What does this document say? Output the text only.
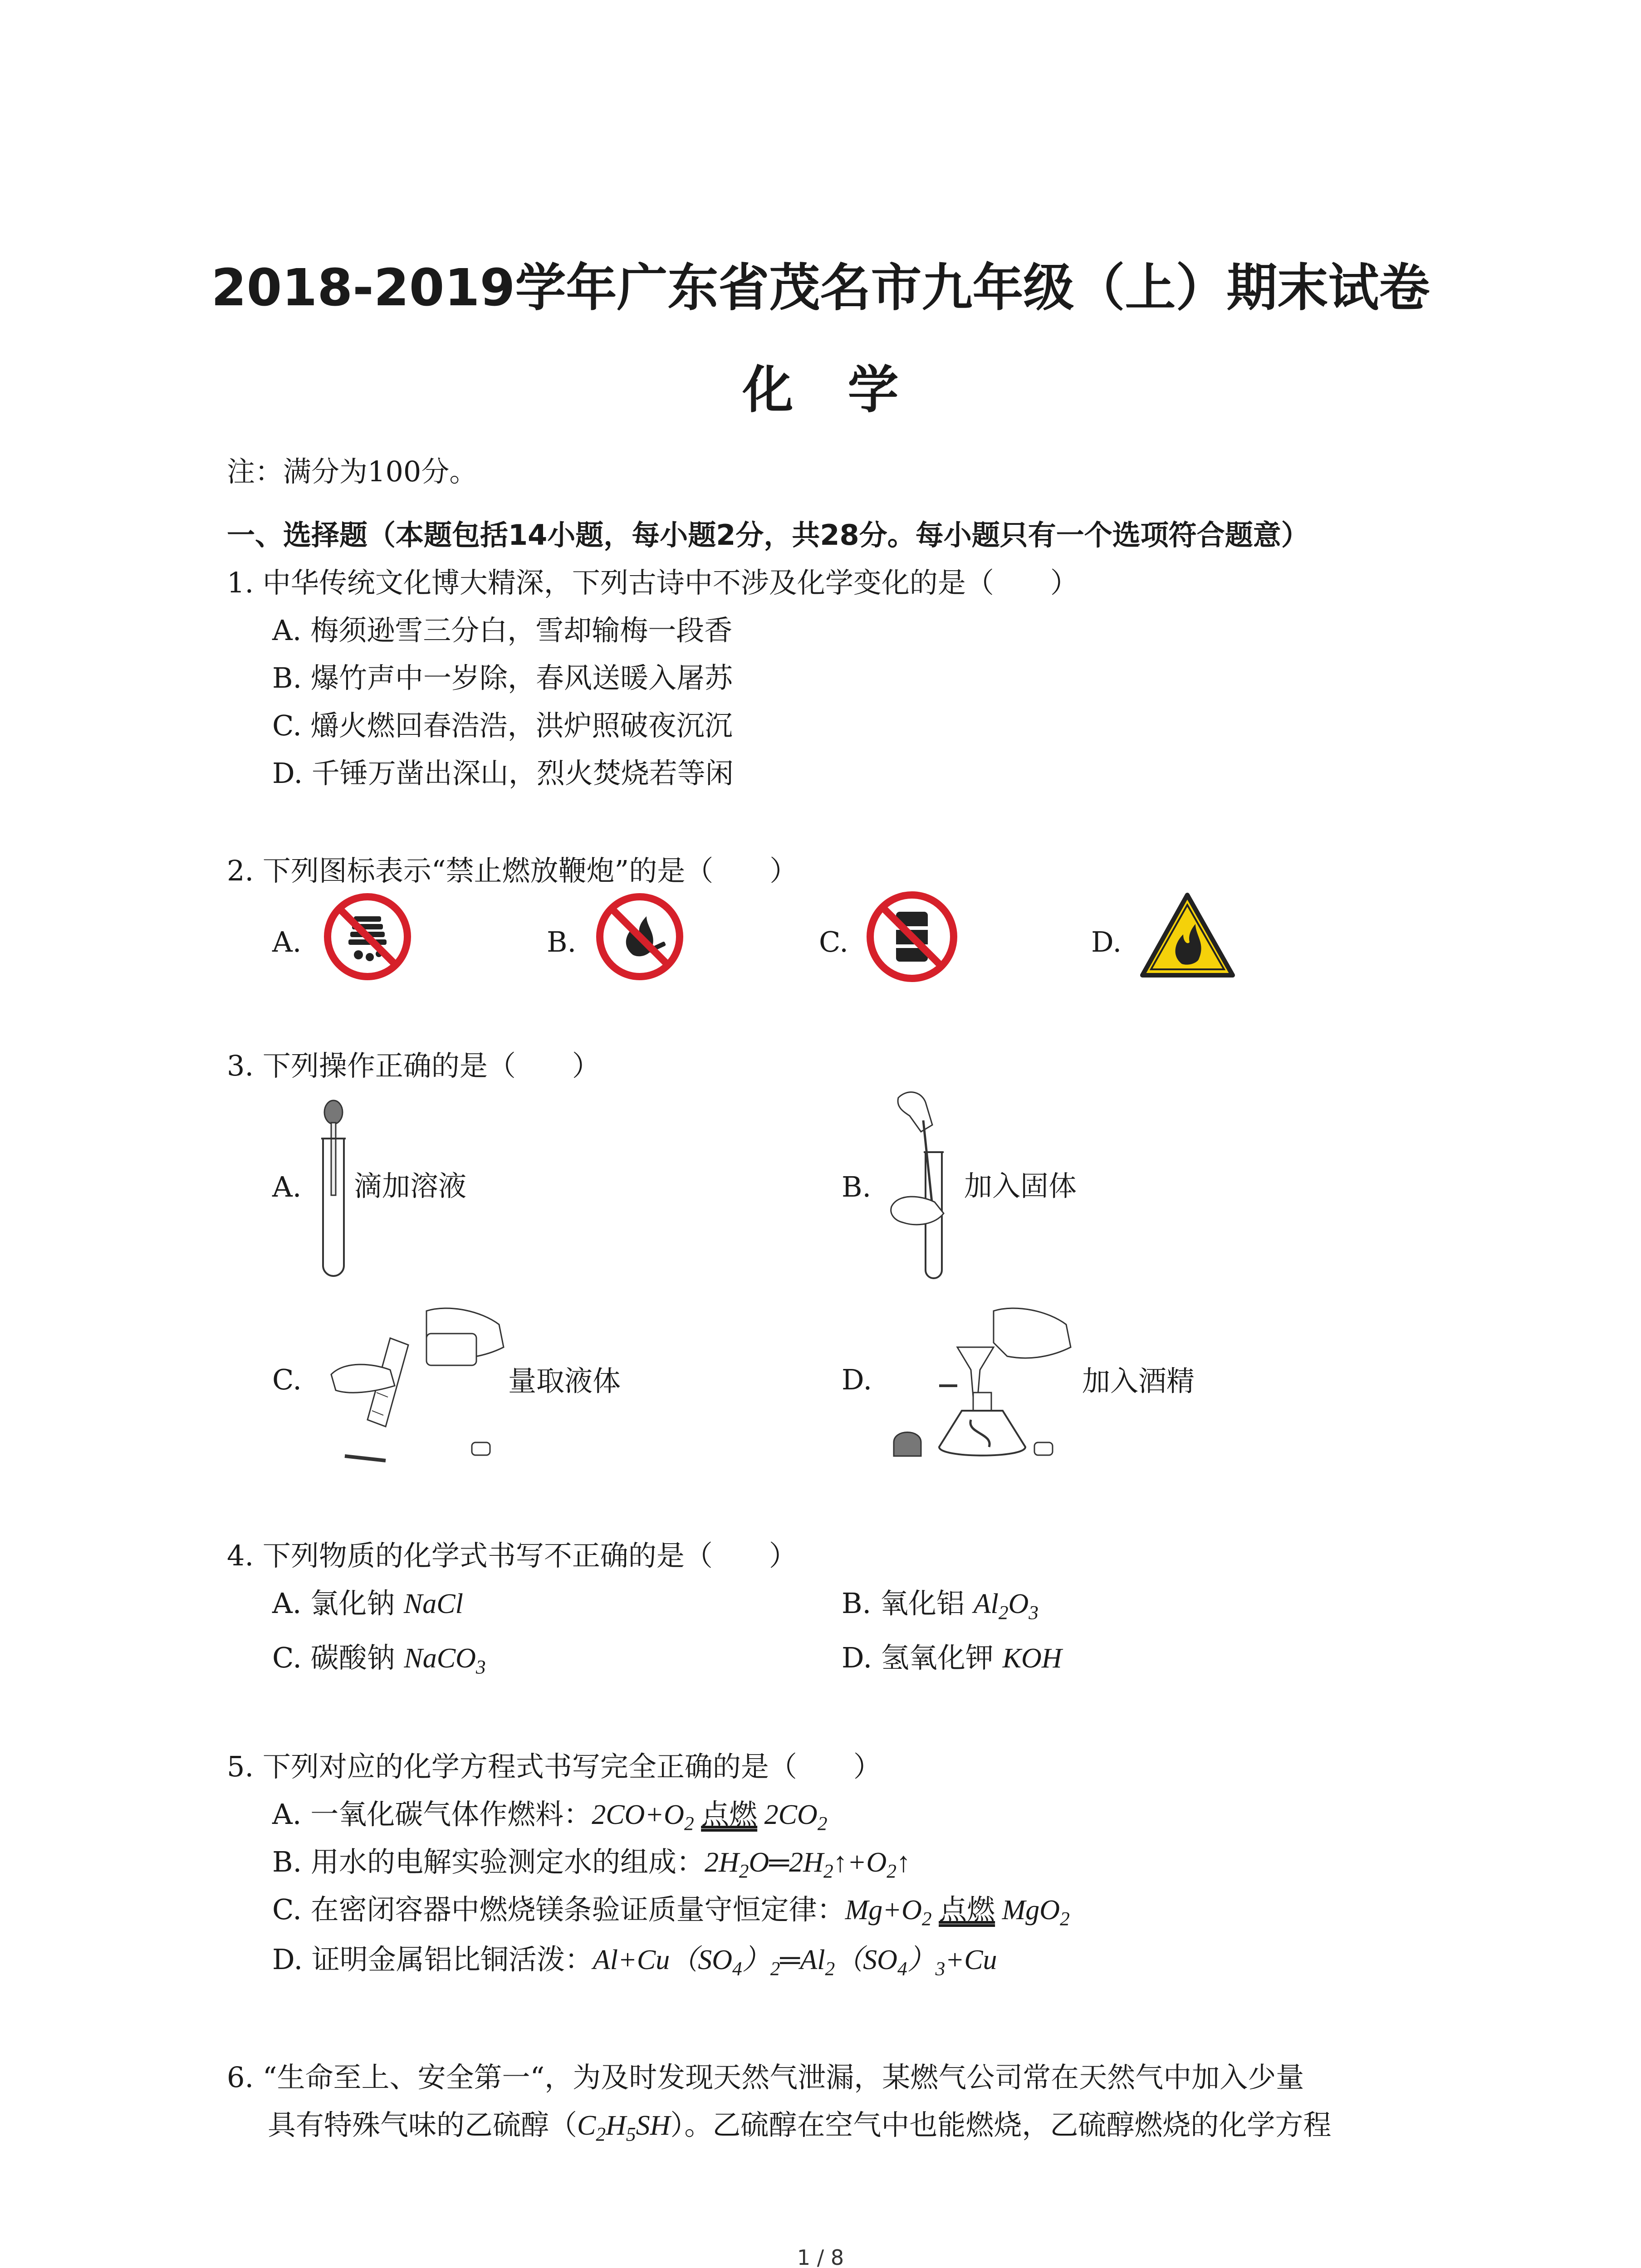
2018-2019学年广东省茂名市九年级（上）期末试卷
化学
注：满分为100分。
一、选择题（本题包括14小题，每小题2分，共28分。每小题只有一个选项符合题意）
1. 中华传统文化博大精深，下列古诗中不涉及化学变化的是（　　）
A. 梅须逊雪三分白，雪却输梅一段香
B. 爆竹声中一岁除，春风送暖入屠苏
C. 爝火燃回春浩浩，洪炉照破夜沉沉
D. 千锤万凿出深山，烈火焚烧若等闲
2. 下列图标表示“禁止燃放鞭炮”的是（　　）
A.	B.	C.	D.
3. 下列操作正确的是（　　）
A. 滴加溶液	B.	加入固体
C.	量取液体	D.	加入酒精
4. 下列物质的化学式书写不正确的是（　　）
A. 氯化钠 NaCl	B. 氧化铝 $Al_2O_3$
C. 碳酸钠 NaCO$_3$	D. 氢氧化钾 KOH
5. 下列对应的化学方程式书写完全正确的是（　　）
A. 一氧化碳气体作燃料：$2CO+O_2$ 点燃 $2CO_2$
B. 用水的电解实验测定水的组成：$2H_2O═2H_2↑+O_2↑$
C. 在密闭容器中燃烧镁条验证质量守恒定律：$Mg+O_2$ 点燃 MgO$_2$
D. 证明金属铝比铜活泼：$Al+Cu(SO_4)_2═Al_2(SO_4)_3+Cu$
6. “生命至上、安全第一“，为及时发现天然气泄漏，某燃气公司常在天然气中加入少量
具有特殊气味的乙硫醇$(C_2H_5SH)$。乙硫醇在空气中也能燃烧，乙硫醇燃烧的化学方程
1 / 8
